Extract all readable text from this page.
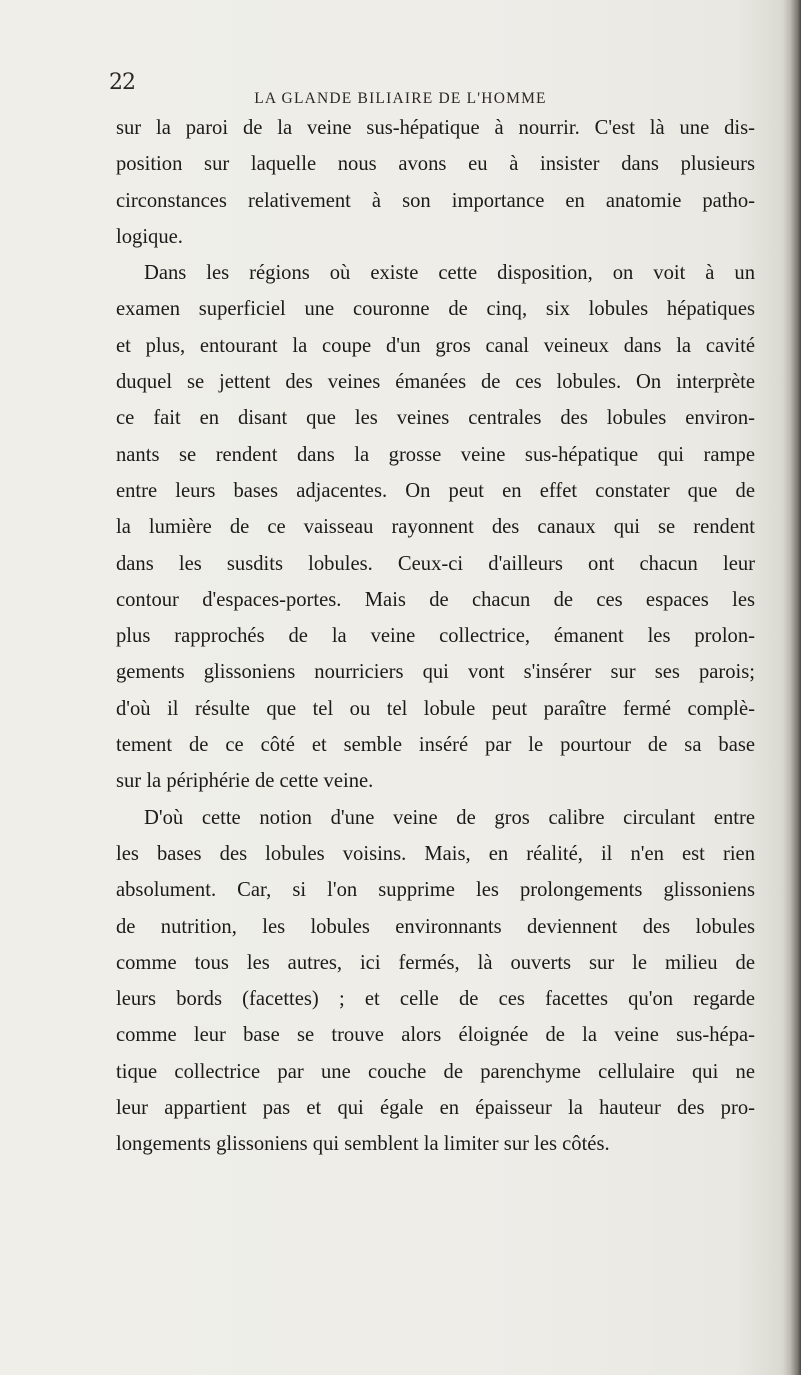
22
LA GLANDE BILIAIRE DE L'HOMME

sur la paroi de la veine sus-hépatique à nourrir. C'est là une dis-
position sur laquelle nous avons eu à insister dans plusieurs
circonstances relativement à son importance en anatomie patho-
logique.

Dans les régions où existe cette disposition, on voit à un
examen superficiel une couronne de cinq, six lobules hépatiques
et plus, entourant la coupe d'un gros canal veineux dans la cavité
duquel se jettent des veines émanées de ces lobules. On interprète
ce fait en disant que les veines centrales des lobules environ-
nants se rendent dans la grosse veine sus-hépatique qui rampe
entre leurs bases adjacentes. On peut en effet constater que de
la lumière de ce vaisseau rayonnent des canaux qui se rendent
dans les susdits lobules. Ceux-ci d'ailleurs ont chacun leur
contour d'espaces-portes. Mais de chacun de ces espaces les
plus rapprochés de la veine collectrice, émanent les prolon-
gements glissoniens nourriciers qui vont s'insérer sur ses parois;
d'où il résulte que tel ou tel lobule peut paraître fermé complè-
tement de ce côté et semble inséré par le pourtour de sa base
sur la périphérie de cette veine.

D'où cette notion d'une veine de gros calibre circulant entre
les bases des lobules voisins. Mais, en réalité, il n'en est rien
absolument. Car, si l'on supprime les prolongements glissoniens
de nutrition, les lobules environnants deviennent des lobules
comme tous les autres, ici fermés, là ouverts sur le milieu de
leurs bords (facettes) ; et celle de ces facettes qu'on regarde
comme leur base se trouve alors éloignée de la veine sus-hépa-
tique collectrice par une couche de parenchyme cellulaire qui ne
leur appartient pas et qui égale en épaisseur la hauteur des pro-
longements glissoniens qui semblent la limiter sur les côtés.
